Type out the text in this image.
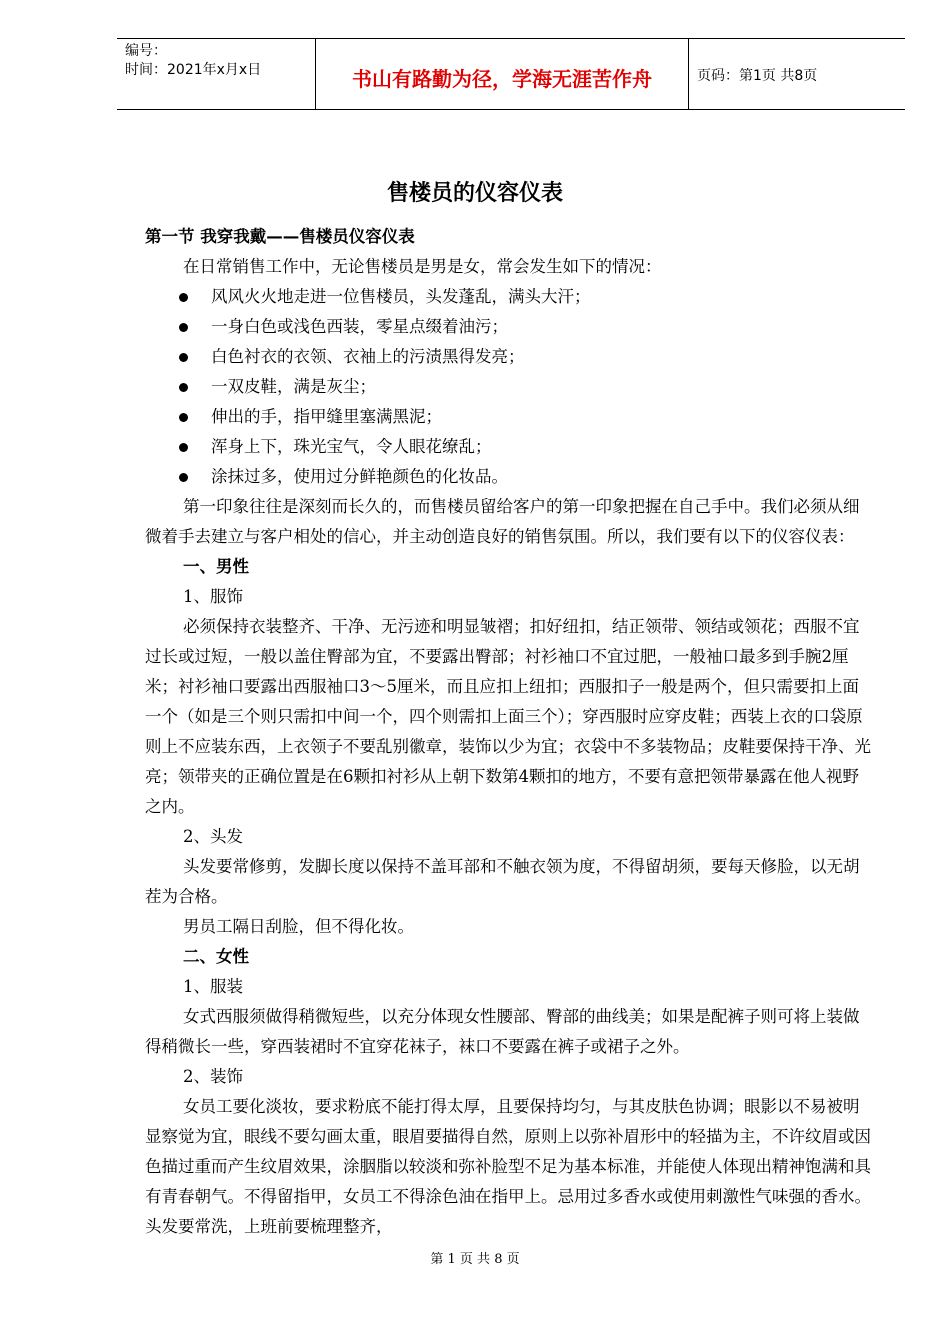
编号：
时间：2021年x月x日	书山有路勤为径，学海无涯苦作舟	页码：第1页 共8页
售楼员的仪容仪表

第一节 我穿我戴——售楼员仪容仪表

在日常销售工作中，无论售楼员是男是女，常会发生如下的情况：

风风火火地走进一位售楼员，头发蓬乱，满头大汗；

一身白色或浅色西装，零星点缀着油污；

白色衬衣的衣领、衣袖上的污渍黑得发亮；

一双皮鞋，满是灰尘；

伸出的手，指甲缝里塞满黑泥；

浑身上下，珠光宝气，令人眼花缭乱；

涂抹过多，使用过分鲜艳颜色的化妆品。

第一印象往往是深刻而长久的，而售楼员留给客户的第一印象把握在自己手中。我们必须从细微着手去建立与客户相处的信心，并主动创造良好的销售氛围。所以，我们要有以下的仪容仪表：

一、男性

1、服饰

必须保持衣装整齐、干净、无污迹和明显皱褶；扣好纽扣，结正领带、领结或领花；西服不宜过长或过短，一般以盖住臀部为宜，不要露出臀部；衬衫袖口不宜过肥，一般袖口最多到手腕2厘米；衬衫袖口要露出西服袖口3～5厘米，而且应扣上纽扣；西服扣子一般是两个，但只需要扣上面一个（如是三个则只需扣中间一个，四个则需扣上面三个）；穿西服时应穿皮鞋；西装上衣的口袋原则上不应装东西，上衣领子不要乱别徽章，装饰以少为宜；衣袋中不多装物品；皮鞋要保持干净、光亮；领带夹的正确位置是在6颗扣衬衫从上朝下数第4颗扣的地方，不要有意把领带暴露在他人视野之内。

2、头发

头发要常修剪，发脚长度以保持不盖耳部和不触衣领为度，不得留胡须，要每天修脸，以无胡茬为合格。

男员工隔日刮脸，但不得化妆。

二、女性

1、服装

女式西服须做得稍微短些，以充分体现女性腰部、臀部的曲线美；如果是配裤子则可将上装做得稍微长一些，穿西装裙时不宜穿花袜子，袜口不要露在裤子或裙子之外。

2、装饰

女员工要化淡妆，要求粉底不能打得太厚，且要保持均匀，与其皮肤色协调；眼影以不易被明显察觉为宜，眼线不要勾画太重，眼眉要描得自然，原则上以弥补眉形中的轻描为主，不许纹眉或因色描过重而产生纹眉效果，涂胭脂以较淡和弥补脸型不足为基本标准，并能使人体现出精神饱满和具有青春朝气。不得留指甲，女员工不得涂色油在指甲上。忌用过多香水或使用刺激性气味强的香水。头发要常洗，上班前要梳理整齐，

第 1 页 共 8 页
